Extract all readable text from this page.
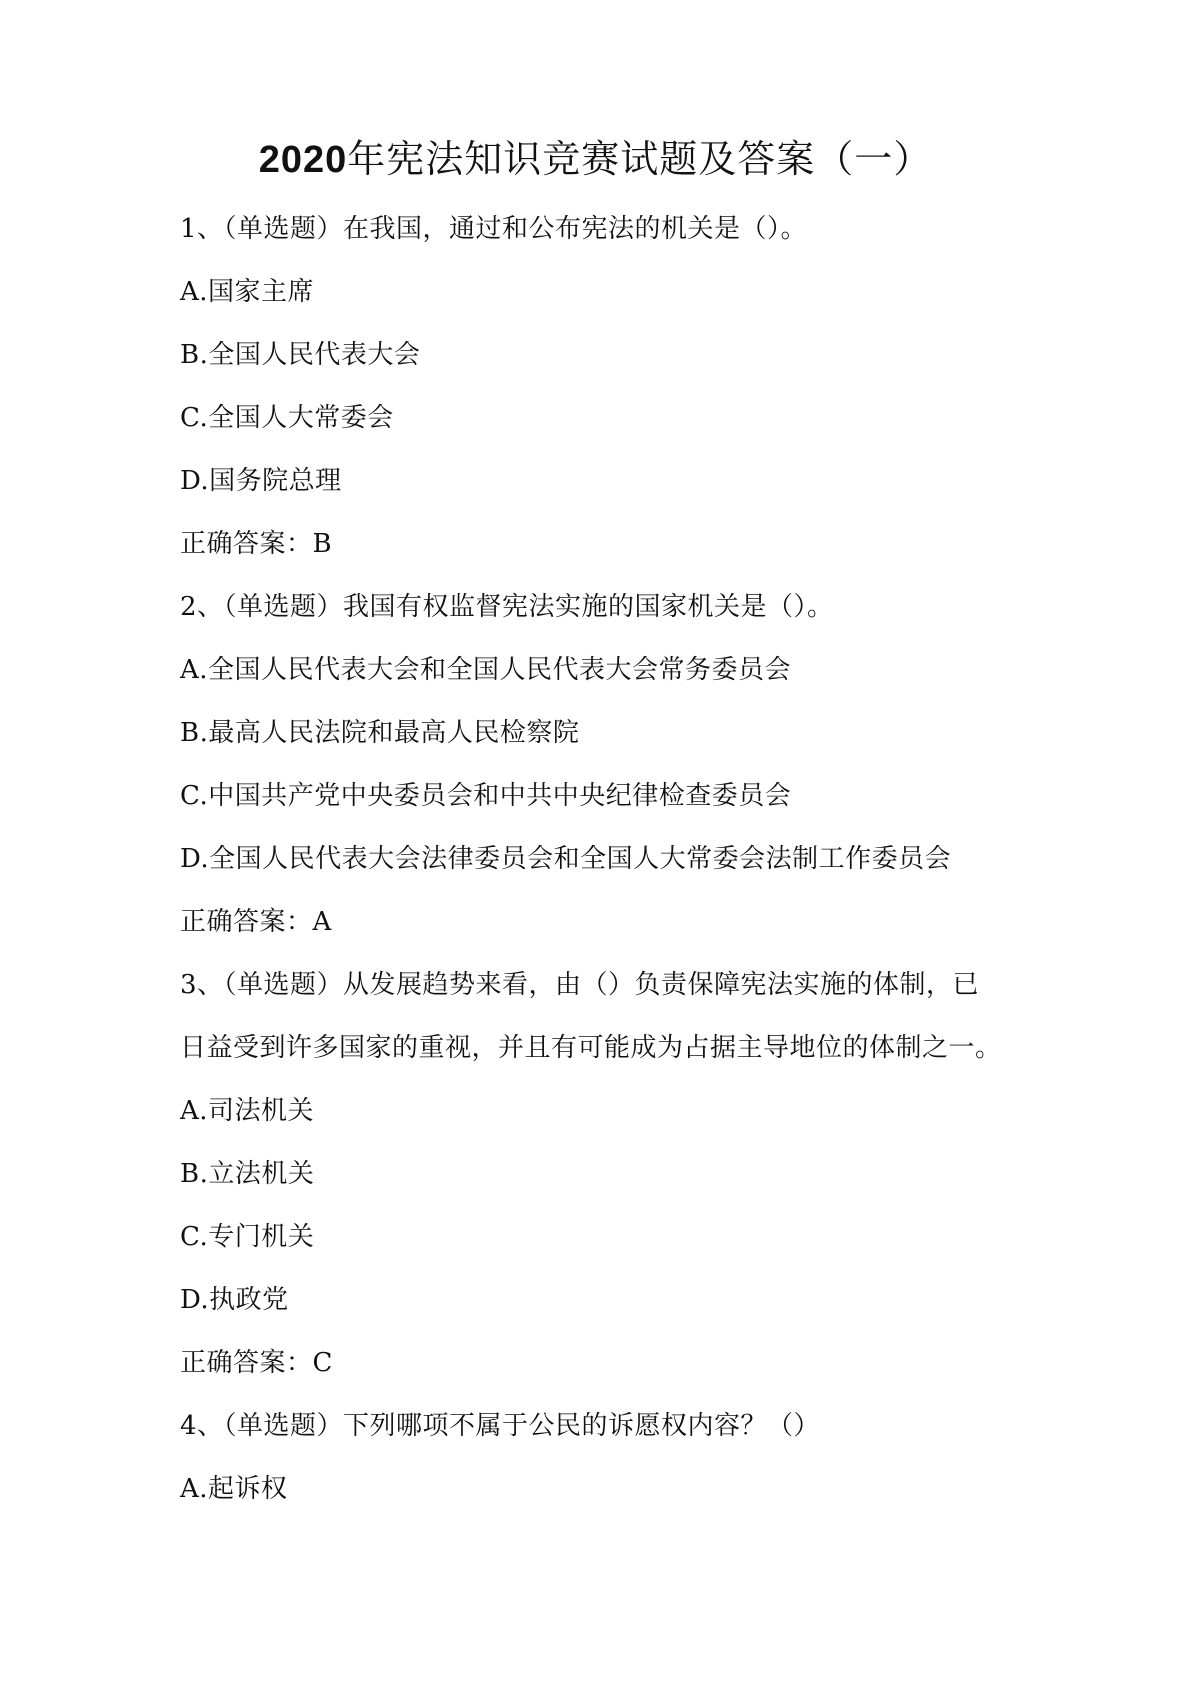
2020年宪法知识竞赛试题及答案（一）

1、（单选题）在我国，通过和公布宪法的机关是（）。

A.国家主席

B.全国人民代表大会

C.全国人大常委会

D.国务院总理

正确答案：B

2、（单选题）我国有权监督宪法实施的国家机关是（）。

A.全国人民代表大会和全国人民代表大会常务委员会

B.最高人民法院和最高人民检察院

C.中国共产党中央委员会和中共中央纪律检查委员会

D.全国人民代表大会法律委员会和全国人大常委会法制工作委员会

正确答案：A

3、（单选题）从发展趋势来看，由（）负责保障宪法实施的体制，已

日益受到许多国家的重视，并且有可能成为占据主导地位的体制之一。

A.司法机关

B.立法机关

C.专门机关

D.执政党

正确答案：C

4、（单选题）下列哪项不属于公民的诉愿权内容？（）

A.起诉权
